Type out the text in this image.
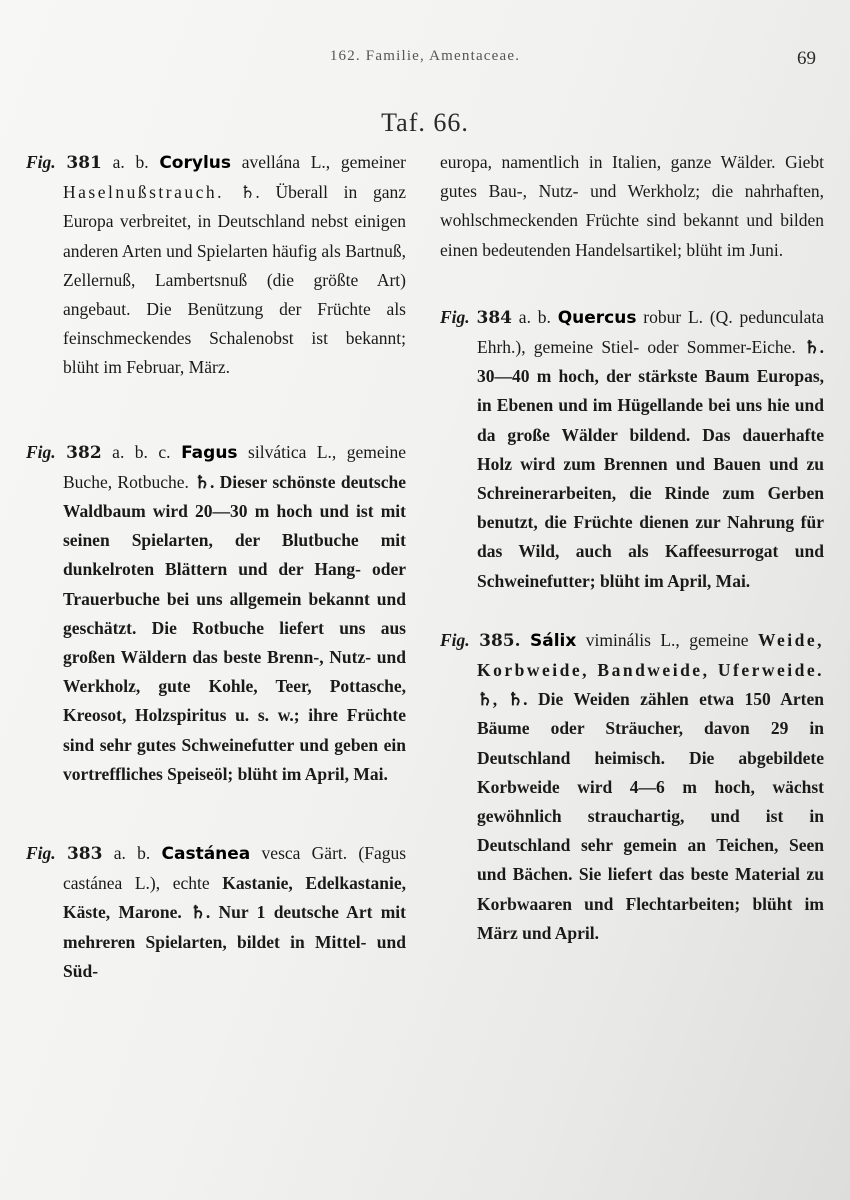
162. Familie, Amentaceae.	69
Taf. 66.

Fig. 381 a. b. Corylus avellána L., gemeiner Haselnußstrauch. ♄. Überall in ganz Europa verbreitet, in Deutschland nebst einigen anderen Arten und Spielarten häufig als Bartnuß, Zellernuß, Lambertsnuß (die größte Art) angebaut. Die Benützung der Früchte als feinschmeckendes Schalenobst ist bekannt; blüht im Februar, März.

Fig. 382 a. b. c. Fagus silvática L., gemeine Buche, Rotbuche. ♄. Dieser schönste deutsche Waldbaum wird 20—30 m hoch und ist mit seinen Spielarten, der Blutbuche mit dunkelroten Blättern und der Hang- oder Trauerbuche bei uns allgemein bekannt und geschätzt. Die Rotbuche liefert uns aus großen Wäldern das beste Brenn-, Nutz- und Werkholz, gute Kohle, Teer, Pottasche, Kreosot, Holzspiritus u. s. w.; ihre Früchte sind sehr gutes Schweinefutter und geben ein vortreffliches Speiseöl; blüht im April, Mai.

Fig. 383 a. b. Castánea vesca Gärt. (Fagus castánea L.), echte Kastanie, Edelkastanie, Käste, Marone. ♄. Nur 1 deutsche Art mit mehreren Spielarten, bildet in Mittel- und Süd-

europa, namentlich in Italien, ganze Wälder. Giebt gutes Bau-, Nutz- und Werkholz; die nahrhaften, wohlschmeckenden Früchte sind bekannt und bilden einen bedeutenden Handelsartikel; blüht im Juni.

Fig. 384 a. b. Quercus robur L. (Q. pedunculata Ehrh.), gemeine Stiel- oder Sommer-Eiche. ♄. 30—40 m hoch, der stärkste Baum Europas, in Ebenen und im Hügellande bei uns hie und da große Wälder bildend. Das dauerhafte Holz wird zum Brennen und Bauen und zu Schreinerarbeiten, die Rinde zum Gerben benutzt, die Früchte dienen zur Nahrung für das Wild, auch als Kaffeesurrogat und Schweinefutter; blüht im April, Mai.

Fig. 385. Sálix viminális L., gemeine Weide, Korbweide, Bandweide, Uferweide. ♄, ♄. Die Weiden zählen etwa 150 Arten Bäume oder Sträucher, davon 29 in Deutschland heimisch. Die abgebildete Korbweide wird 4—6 m hoch, wächst gewöhnlich strauchartig, und ist in Deutschland sehr gemein an Teichen, Seen und Bächen. Sie liefert das beste Material zu Korbwaaren und Flechtarbeiten; blüht im März und April.
